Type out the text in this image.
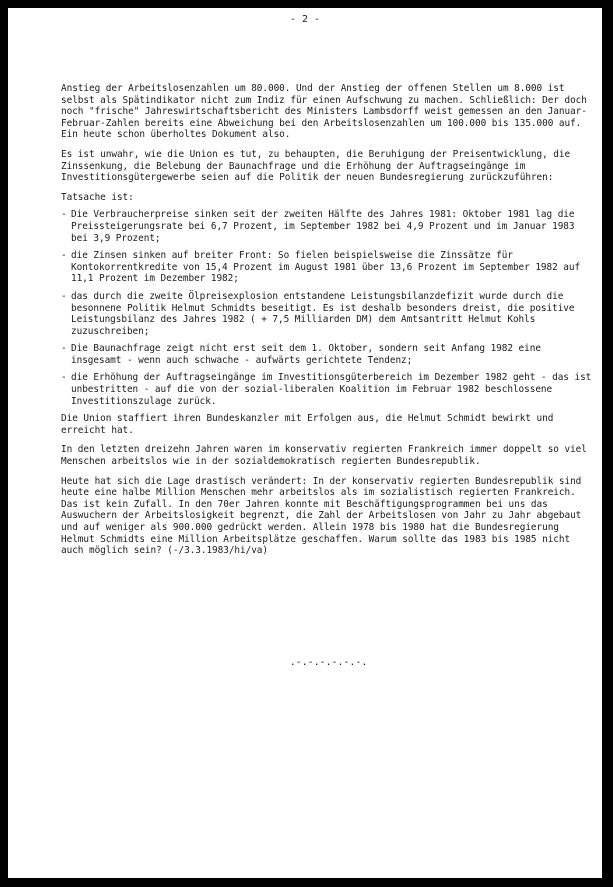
- 2 -

Anstieg der Arbeitslosenzahlen um 80.000. Und der Anstieg der offenen Stellen um 8.000 ist selbst als Spätindikator nicht zum Indiz für einen Aufschwung zu machen. Schließlich: Der doch noch "frische" Jahreswirtschaftsbericht des Ministers Lambsdorff weist gemessen an den Januar-Februar-Zahlen bereits eine Abweichung bei den Arbeitslosenzahlen um 100.000 bis 135.000 auf. Ein heute schon überholtes Dokument also.

Es ist unwahr, wie die Union es tut, zu behaupten, die Beruhigung der Preisentwicklung, die Zinssenkung, die Belebung der Baunachfrage und die Erhöhung der Auftragseingänge im Investitionsgütergewerbe seien auf die Politik der neuen Bundesregierung zurückzuführen:

Tatsache ist:

- Die Verbraucherpreise sinken seit der zweiten Hälfte des Jahres 1981: Oktober 1981 lag die Preissteigerungsrate bei 6,7 Prozent, im September 1982 bei 4,9 Prozent und im Januar 1983 bei 3,9 Prozent;
- die Zinsen sinken auf breiter Front: So fielen beispielsweise die Zinssätze für Kontokorrentkredite von 15,4 Prozent im August 1981 über 13,6 Prozent im September 1982 auf 11,1 Prozent im Dezember 1982;
- das durch die zweite Ölpreisexplosion entstandene Leistungsbilanzdefizit wurde durch die besonnene Politik Helmut Schmidts beseitigt. Es ist deshalb besonders dreist, die positive Leistungsbilanz des Jahres 1982 ( + 7,5 Milliarden DM) dem Amtsantritt Helmut Kohls zuzuschreiben;
- Die Baunachfrage zeigt nicht erst seit dem 1. Oktober, sondern seit Anfang 1982 eine insgesamt - wenn auch schwache - aufwärts gerichtete Tendenz;
- die Erhöhung der Auftragseingänge im Investitionsgüterbereich im Dezember 1982 geht - das ist unbestritten - auf die von der sozial-liberalen Koalition im Februar 1982 beschlossene Investitionszulage zurück.

Die Union staffiert ihren Bundeskanzler mit Erfolgen aus, die Helmut Schmidt bewirkt und erreicht hat.

In den letzten dreizehn Jahren waren im konservativ regierten Frankreich immer doppelt so viel Menschen arbeitslos wie in der sozialdemokratisch regierten Bundesrepublik.

Heute hat sich die Lage drastisch verändert: In der konservativ regierten Bundesrepublik sind heute eine halbe Million Menschen mehr arbeitslos als im sozialistisch regierten Frankreich. Das ist kein Zufall. In den 70er Jahren konnte mit Beschäftigungsprogrammen bei uns das Auswuchern der Arbeitslosigkeit begrenzt, die Zahl der Arbeitslosen von Jahr zu Jahr abgebaut und auf weniger als 900.000 gedrückt werden. Allein 1978 bis 1980 hat die Bundesregierung Helmut Schmidts eine Million Arbeitsplätze geschaffen. Warum sollte das 1983 bis 1985 nicht auch möglich sein? (-/3.3.1983/hi/va)

.-.-.-.-.-.-.
